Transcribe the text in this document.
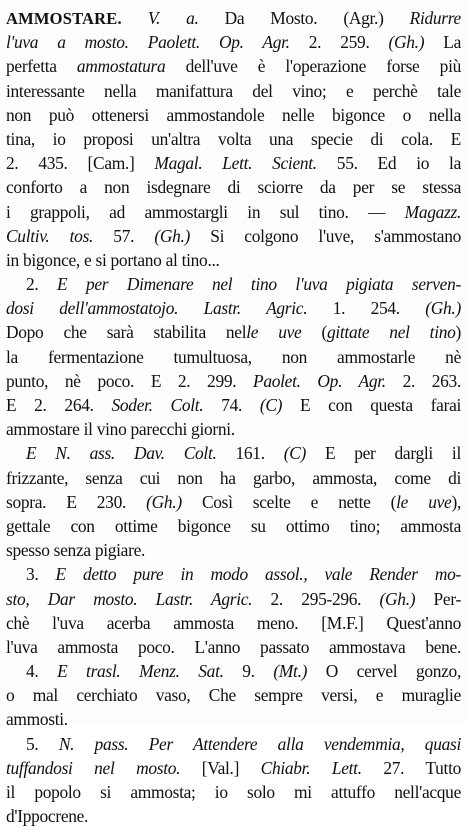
AMMOSTARE. V. a. Da Mosto. (Agr.) Ridurre
l'uva a mosto. Paolett. Op. Agr. 2. 259. (Gh.) La
perfetta ammostatura dell'uve è l'operazione forse più
interessante nella manifattura del vino; e perchè tale
non può ottenersi ammostandole nelle bigonce o nella
tina, io proposi un'altra volta una specie di cola. E
2. 435. [Cam.] Magal. Lett. Scient. 55. Ed io la
conforto a non isdegnare di sciorre da per se stessa
i grappoli, ad ammostargli in sul tino. — Magazz.
Cultiv. tos. 57. (Gh.) Si colgono l'uve, s'ammostano
in bigonce, e si portano al tino...
2. E per Dimenare nel tino l'uva pigiata serven-
dosi dell'ammostatojo. Lastr. Agric. 1. 254. (Gh.)
Dopo che sarà stabilita nelle uve (gittate nel tino)
la fermentazione tumultuosa, non ammostarle nè
punto, nè poco. E 2. 299. Paolet. Op. Agr. 2. 263.
E 2. 264. Soder. Colt. 74. (C) E con questa farai
ammostare il vino parecchi giorni.
E N. ass. Dav. Colt. 161. (C) E per dargli il
frizzante, senza cui non ha garbo, ammosta, come di
sopra. E 230. (Gh.) Così scelte e nette (le uve),
gettale con ottime bigonce su ottimo tino; ammosta
spesso senza pigiare.
3. E detto pure in modo assol., vale Render mo-
sto, Dar mosto. Lastr. Agric. 2. 295-296. (Gh.) Per-
chè l'uva acerba ammosta meno. [M.F.] Quest'anno
l'uva ammosta poco. L'anno passato ammostava bene.
4. E trasl. Menz. Sat. 9. (Mt.) O cervel gonzo,
o mal cerchiato vaso, Che sempre versi, e muraglie
ammosti.
5. N. pass. Per Attendere alla vendemmia, quasi
tuffandosi nel mosto. [Val.] Chiabr. Lett. 27. Tutto
il popolo si ammosta; io solo mi attuffo nell'acque
d'Ippocrene.
